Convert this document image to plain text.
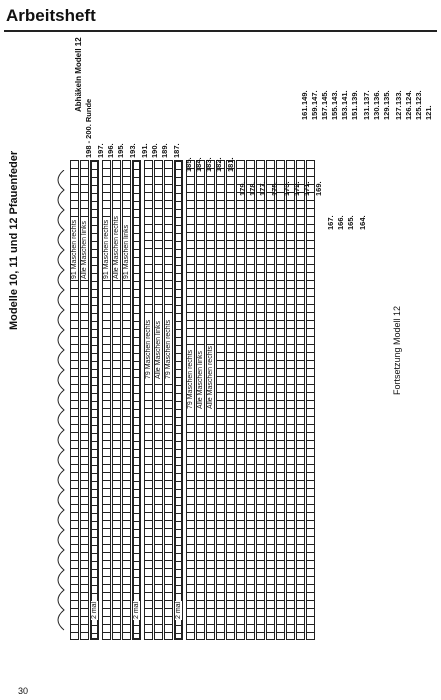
Arbeitsheft
Modelle 10, 11 und 12 Pfauenfeder	91 Maschen rechts Alle Maschen links 91 Maschen rechts Alle Maschen rechts 91 Maschen links
79 Maschen rechts Alle Maschen links 79 Maschen rechts
79 Maschen rechts Alle Maschen links Alle Maschen rechts
2 mal	2 mal	2 mal
198 - 200. Runde 197. 196. 195. 193. 191. 190. 189. 187.
185. 184. 183. 182. 181.
179. 178. 177. 175. 173. 172. 171. 169.
167. 166. 165. 164.
161. 159. 157. 155. 153. 151.
149. 147. 145. 143. 141. 139. 137. 136. 135. 133.
131. 130. 129. 127. 126. 125.
124. 123.
121.
Abhäkeln Modell 12
Fortsetzung Modell 12
30
